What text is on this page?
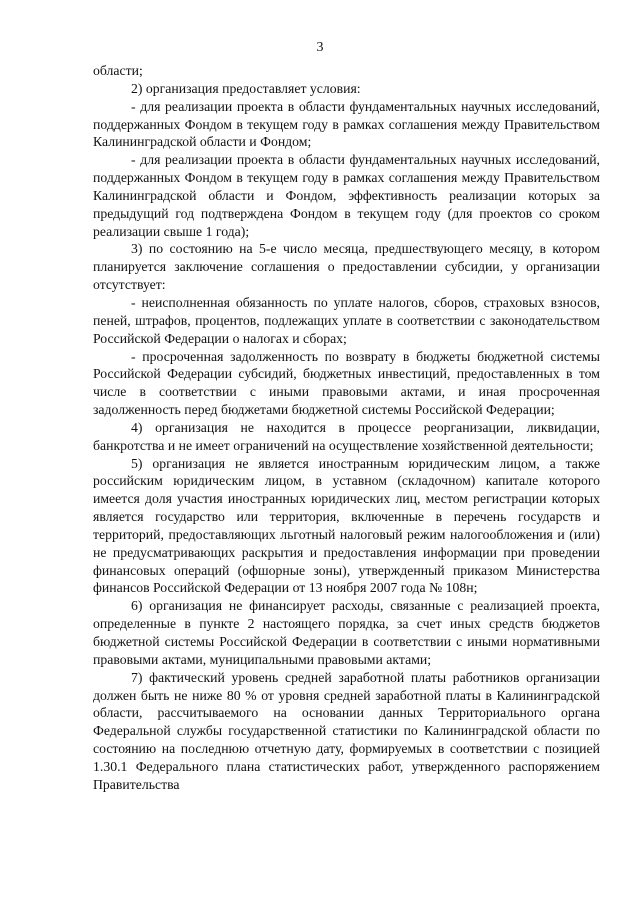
3

области;

2) организация предоставляет условия:

- для реализации проекта в области фундаментальных научных исследований, поддержанных Фондом в текущем году в рамках соглашения между Правительством Калининградской области и Фондом;

- для реализации проекта в области фундаментальных научных исследований, поддержанных Фондом в текущем году в рамках соглашения между Правительством Калининградской области и Фондом, эффективность реализации которых за предыдущий год подтверждена Фондом в текущем году (для проектов со сроком реализации свыше 1 года);

3) по состоянию на 5-е число месяца, предшествующего месяцу, в котором планируется заключение соглашения о предоставлении субсидии, у организации отсутствует:

- неисполненная обязанность по уплате налогов, сборов, страховых взносов, пеней, штрафов, процентов, подлежащих уплате в соответствии с законодательством Российской Федерации о налогах и сборах;

- просроченная задолженность по возврату в бюджеты бюджетной системы Российской Федерации субсидий, бюджетных инвестиций, предоставленных в том числе в соответствии с иными правовыми актами, и иная просроченная задолженность перед бюджетами бюджетной системы Российской Федерации;

4) организация не находится в процессе реорганизации, ликвидации, банкротства и не имеет ограничений на осуществление хозяйственной деятельности;

5) организация не является иностранным юридическим лицом, а также российским юридическим лицом, в уставном (складочном) капитале которого имеется доля участия иностранных юридических лиц, местом регистрации которых является государство или территория, включенные в перечень государств и территорий, предоставляющих льготный налоговый режим налогообложения и (или) не предусматривающих раскрытия и предоставления информации при проведении финансовых операций (офшорные зоны), утвержденный приказом Министерства финансов Российской Федерации от 13 ноября 2007 года № 108н;

6) организация не финансирует расходы, связанные с реализацией проекта, определенные в пункте 2 настоящего порядка, за счет иных средств бюджетов бюджетной системы Российской Федерации в соответствии с иными нормативными правовыми актами, муниципальными правовыми актами;

7) фактический уровень средней заработной платы работников организации должен быть не ниже 80 % от уровня средней заработной платы в Калининградской области, рассчитываемого на основании данных Территориального органа Федеральной службы государственной статистики по Калининградской области по состоянию на последнюю отчетную дату, формируемых в соответствии с позицией 1.30.1 Федерального плана статистических работ, утвержденного распоряжением Правительства
